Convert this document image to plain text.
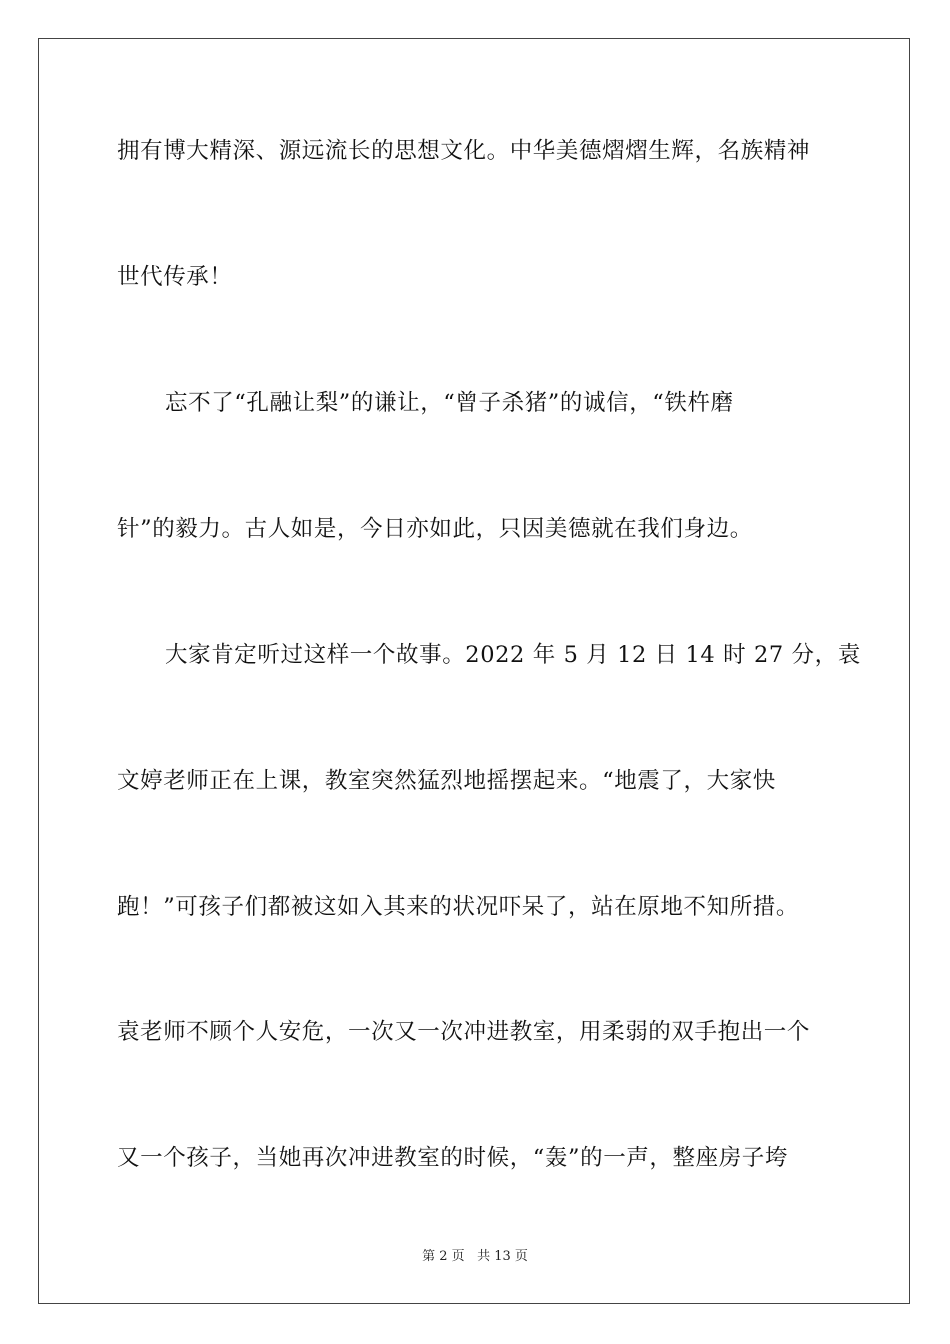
拥有博大精深、源远流长的思想文化。中华美德熠熠生辉，名族精神
世代传承！
忘不了“孔融让梨”的谦让，“曾子杀猪”的诚信，“铁杵磨
针”的毅力。古人如是，今日亦如此，只因美德就在我们身边。
大家肯定听过这样一个故事。2022 年 5 月 12 日 14 时 27 分，袁
文婷老师正在上课，教室突然猛烈地摇摆起来。“地震了，大家快
跑！”可孩子们都被这如入其来的状况吓呆了，站在原地不知所措。
袁老师不顾个人安危，一次又一次冲进教室，用柔弱的双手抱出一个
又一个孩子，当她再次冲进教室的时候，“轰”的一声，整座房子垮
第 2 页 共 13 页
